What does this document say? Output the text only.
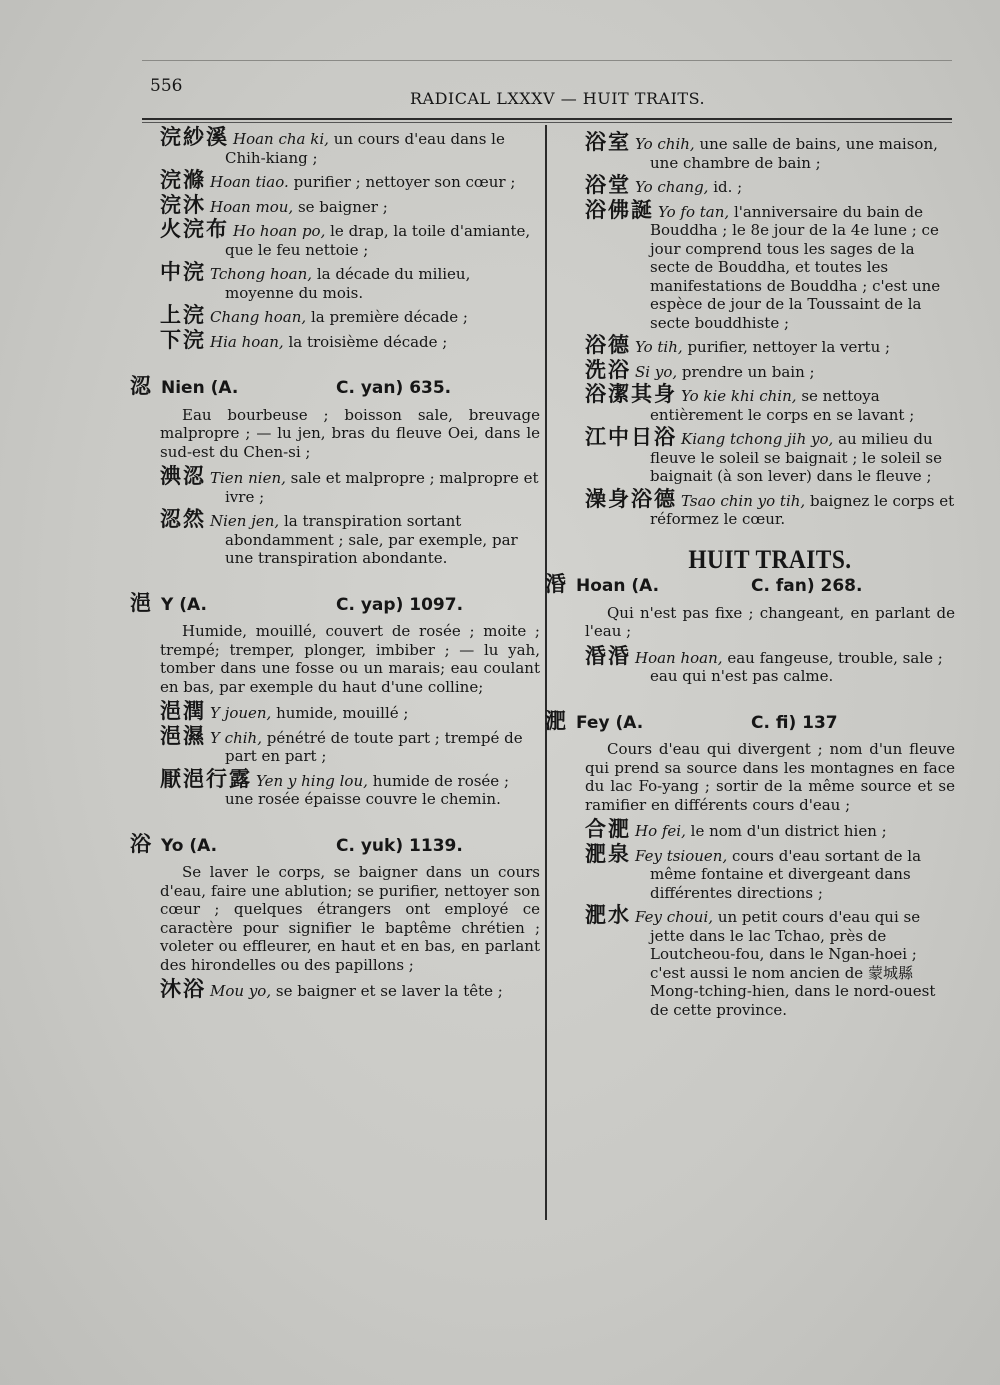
556
RADICAL LXXXV — HUIT TRAITS.
浣紗溪 Hoan cha ki, un cours d'eau dans le Chih-kiang ;
浣滌 Hoan tiao. purifier ; nettoyer son cœur ;
浣沐 Hoan mou, se baigner ;
火浣布 Ho hoan po, le drap, la toile d'amiante, que le feu nettoie ;
中浣 Tchong hoan, la décade du milieu, moyenne du mois.
上浣 Chang hoan, la première décade ;
下浣 Hia hoan, la troisième décade ;
涊 Nien (A.	C. yan) 635.

Eau bourbeuse ; boisson sale, breuvage malpropre ; — lu jen, bras du fleuve Oei, dans le sud-est du Chen-si ;

淟涊 Tien nien, sale et malpropre ; malpropre et ivre ;
涊然 Nien jen, la transpiration sortant abondamment ; sale, par exemple, par une transpiration abondante.
浥 Y (A.	C. yap) 1097.

Humide, mouillé, couvert de rosée ; moite ; trempé; tremper, plonger, imbiber ; — lu yah, tomber dans une fosse ou un marais; eau coulant en bas, par exemple du haut d'une colline;

浥潤 Y jouen, humide, mouillé ;
浥濕 Y chih, pénétré de toute part ; trempé de part en part ;
厭浥行露 Yen y hing lou, humide de rosée ; une rosée épaisse couvre le chemin.
浴 Yo (A.	C. yuk) 1139.

Se laver le corps, se baigner dans un cours d'eau, faire une ablution; se purifier, nettoyer son cœur ; quelques étrangers ont employé ce caractère pour signifier le baptême chrétien ; voleter ou effleurer, en haut et en bas, en parlant des hirondelles ou des papillons ;

沐浴 Mou yo, se baigner et se laver la tête ;
浴室 Yo chih, une salle de bains, une maison, une chambre de bain ;
浴堂 Yo chang, id. ;
浴佛誕 Yo fo tan, l'anniversaire du bain de Bouddha ; le 8e jour de la 4e lune ; ce jour comprend tous les sages de la secte de Bouddha, et toutes les manifestations de Bouddha ; c'est une espèce de jour de la Toussaint de la secte bouddhiste ;
浴德 Yo tih, purifier, nettoyer la vertu ;
洗浴 Si yo, prendre un bain ;
浴潔其身 Yo kie khi chin, se nettoya entièrement le corps en se lavant ;
江中日浴 Kiang tchong jih yo, au milieu du fleuve le soleil se baignait ; le soleil se baignait (à son lever) dans le fleuve ;
澡身浴德 Tsao chin yo tih, baignez le corps et réformez le cœur.
HUIT TRAITS.
涽 Hoan (A.	C. fan) 268.

Qui n'est pas fixe ; changeant, en parlant de l'eau ;

涽涽 Hoan hoan, eau fangeuse, trouble, sale ; eau qui n'est pas calme.
淝 Fey (A.	C. fi) 137

Cours d'eau qui divergent ; nom d'un fleuve qui prend sa source dans les montagnes en face du lac Fo-yang ; sortir de la même source et se ramifier en différents cours d'eau ;

合淝 Ho fei, le nom d'un district hien ;
淝泉 Fey tsiouen, cours d'eau sortant de la même fontaine et divergeant dans différentes directions ;
淝水 Fey choui, un petit cours d'eau qui se jette dans le lac Tchao, près de Loutcheou-fou, dans le Ngan-hoei ; c'est aussi le nom ancien de 蒙城縣 Mong-tching-hien, dans le nord-ouest de cette province.
